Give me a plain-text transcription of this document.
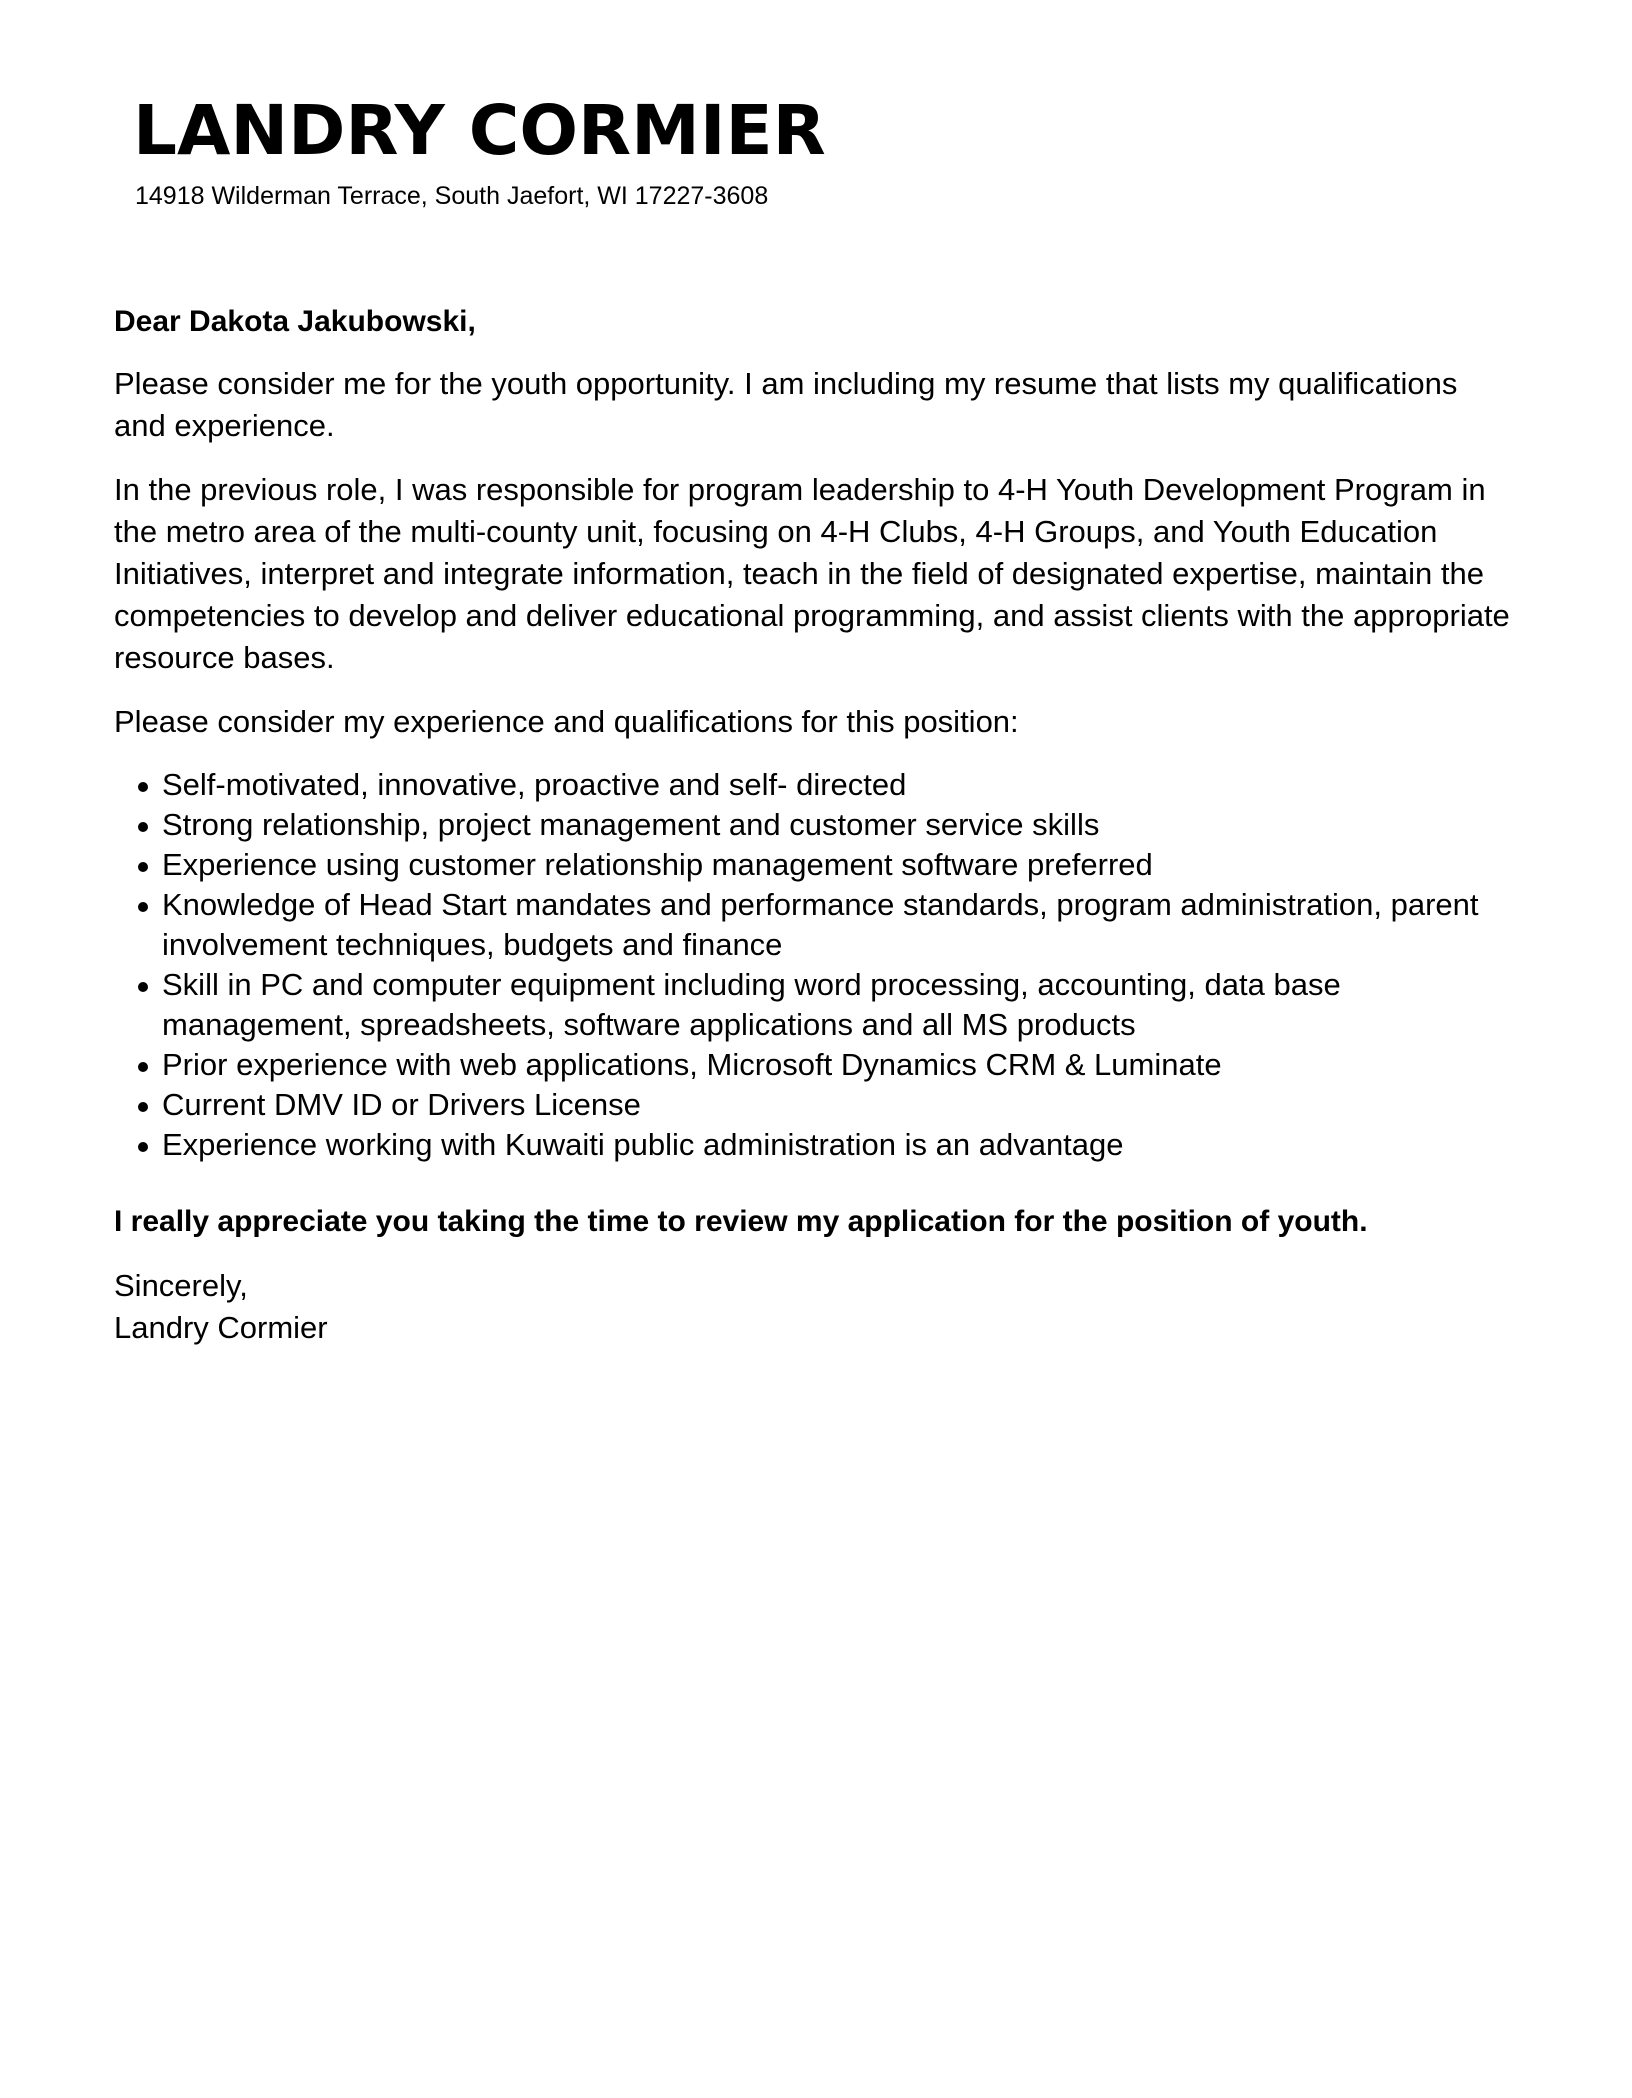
LANDRY CORMIER
14918 Wilderman Terrace, South Jaefort, WI 17227-3608

Dear Dakota Jakubowski,

Please consider me for the youth opportunity. I am including my resume that lists my qualifications and experience.

In the previous role, I was responsible for program leadership to 4-H Youth Development Program in the metro area of the multi-county unit, focusing on 4-H Clubs, 4-H Groups, and Youth Education Initiatives, interpret and integrate information, teach in the field of designated expertise, maintain the competencies to develop and deliver educational programming, and assist clients with the appropriate resource bases.

Please consider my experience and qualifications for this position:

Self-motivated, innovative, proactive and self- directed
Strong relationship, project management and customer service skills
Experience using customer relationship management software preferred
Knowledge of Head Start mandates and performance standards, program administration, parent involvement techniques, budgets and finance
Skill in PC and computer equipment including word processing, accounting, data base management, spreadsheets, software applications and all MS products
Prior experience with web applications, Microsoft Dynamics CRM & Luminate
Current DMV ID or Drivers License
Experience working with Kuwaiti public administration is an advantage

I really appreciate you taking the time to review my application for the position of youth.

Sincerely,

Landry Cormier
